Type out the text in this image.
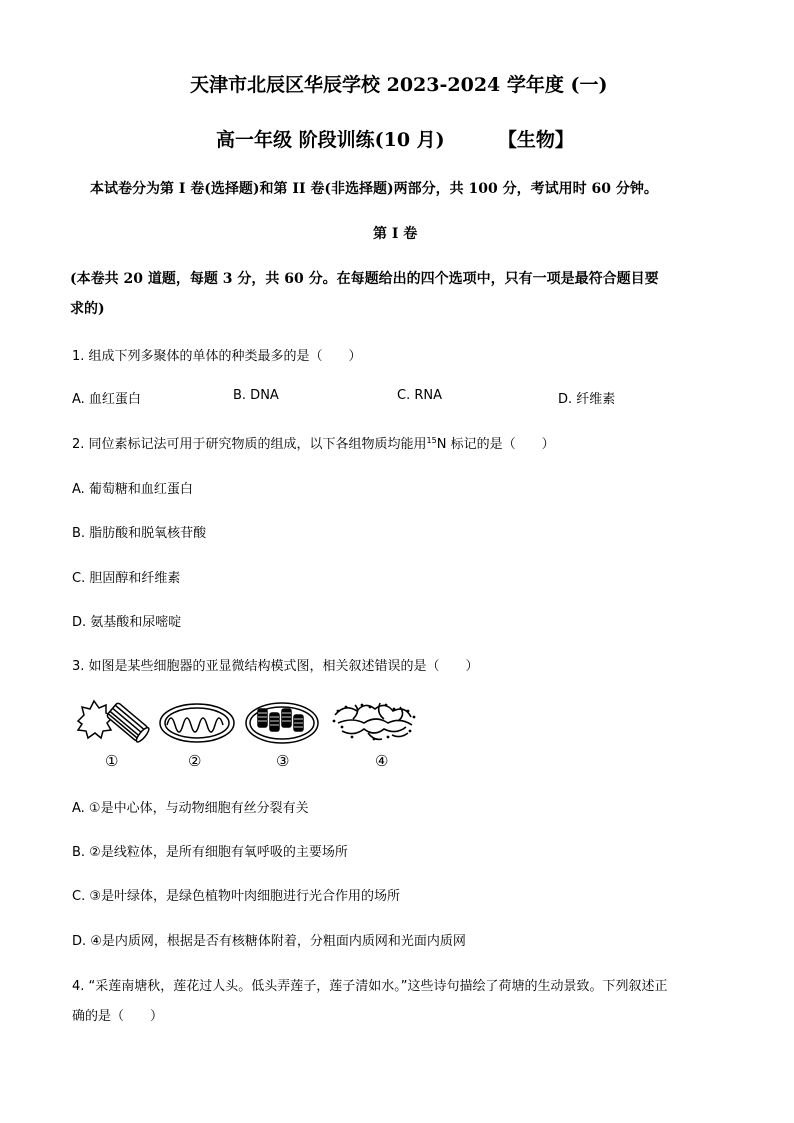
天津市北辰区华辰学校 2023-2024 学年度 (一)
高一年级 阶段训练(10 月)	【生物】
本试卷分为第 I 卷(选择题)和第 II 卷(非选择题)两部分，共 100 分，考试用时 60 分钟。
第 I 卷
(本卷共 20 道题，每题 3 分，共 60 分。在每题给出的四个选项中，只有一项是最符合题目要
求的)
1. 组成下列多聚体的单体的种类最多的是（　　）
A. 血红蛋白	B. DNA	C. RNA	D. 纤维素
2. 同位素标记法可用于研究物质的组成，以下各组物质均能用$^{15}$N 标记的是（　　）
A. 葡萄糖和血红蛋白
B. 脂肪酸和脱氧核苷酸
C. 胆固醇和纤维素
D. 氨基酸和尿嘧啶
3. 如图是某些细胞器的亚显微结构模式图，相关叙述错误的是（　　）
①	②	③	④
A. ①是中心体，与动物细胞有丝分裂有关
B. ②是线粒体，是所有细胞有氧呼吸的主要场所
C. ③是叶绿体，是绿色植物叶肉细胞进行光合作用的场所
D. ④是内质网，根据是否有核糖体附着，分粗面内质网和光面内质网
4. “采莲南塘秋，莲花过人头。低头弄莲子，莲子清如水。”这些诗句描绘了荷塘的生动景致。下列叙述正
确的是（　　）
